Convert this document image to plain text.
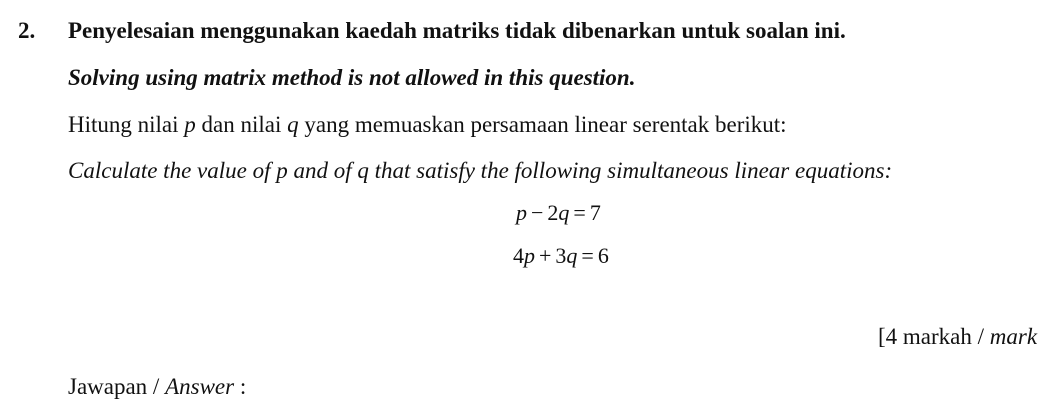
2. Penyelesaian menggunakan kaedah matriks tidak dibenarkan untuk soalan ini.
Solving using matrix method is not allowed in this question.
Hitung nilai p dan nilai q yang memuaskan persamaan linear serentak berikut:
Calculate the value of p and of q that satisfy the following simultaneous linear equations:
p − 2q = 7
4p + 3q = 6
[4 markah / mark
Jawapan / Answer :
